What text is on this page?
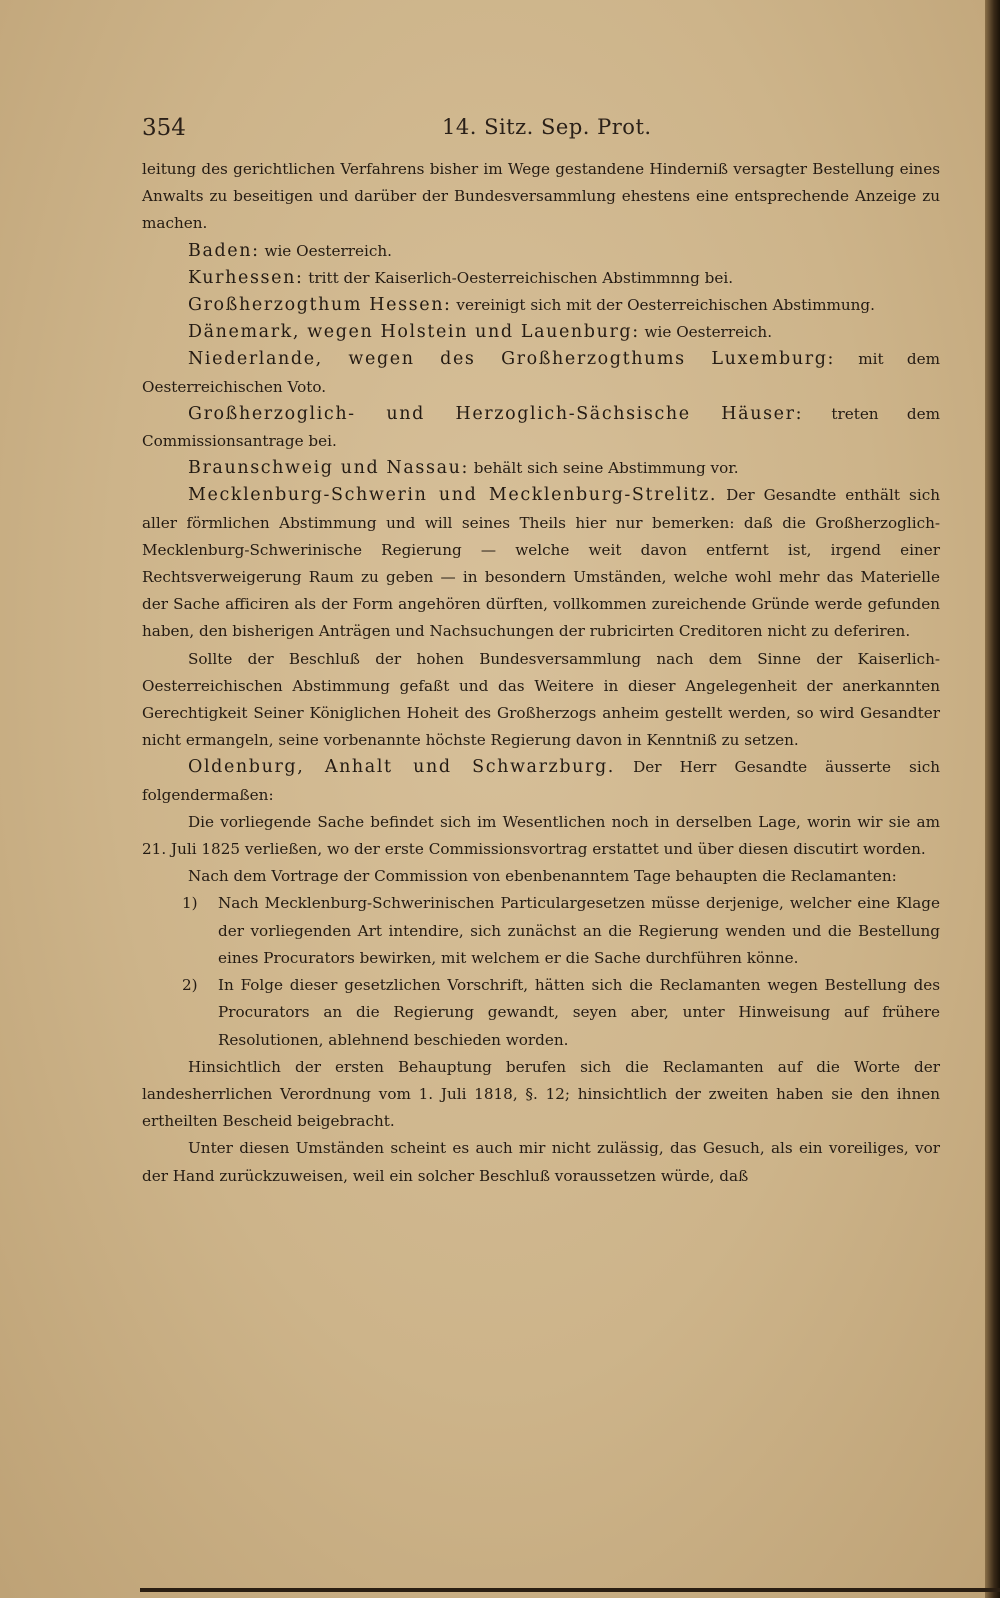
354	14. Sitz. Sep. Prot.

leitung des gerichtlichen Verfahrens bisher im Wege gestandene Hinderniß versagter Bestellung eines Anwalts zu beseitigen und darüber der Bundesversammlung ehestens eine entsprechende Anzeige zu machen.

Baden: wie Oesterreich.

Kurhessen: tritt der Kaiserlich-Oesterreichischen Abstimmnng bei.

Großherzogthum Hessen: vereinigt sich mit der Oesterreichischen Abstimmung.

Dänemark, wegen Holstein und Lauenburg: wie Oesterreich.

Niederlande, wegen des Großherzogthums Luxemburg: mit dem Oesterreichischen Voto.

Großherzoglich- und Herzoglich-Sächsische Häuser: treten dem Commissionsantrage bei.

Braunschweig und Nassau: behält sich seine Abstimmung vor.

Mecklenburg-Schwerin und Mecklenburg-Strelitz. Der Gesandte enthält sich aller förmlichen Abstimmung und will seines Theils hier nur bemerken: daß die Großherzoglich-Mecklenburg-Schwerinische Regierung — welche weit davon entfernt ist, irgend einer Rechtsverweigerung Raum zu geben — in besondern Umständen, welche wohl mehr das Materielle der Sache afficiren als der Form angehören dürften, vollkommen zureichende Gründe werde gefunden haben, den bisherigen Anträgen und Nachsuchungen der rubricirten Creditoren nicht zu deferiren.

Sollte der Beschluß der hohen Bundesversammlung nach dem Sinne der Kaiserlich-Oesterreichischen Abstimmung gefaßt und das Weitere in dieser Angelegenheit der anerkannten Gerechtigkeit Seiner Königlichen Hoheit des Großherzogs anheim gestellt werden, so wird Gesandter nicht ermangeln, seine vorbenannte höchste Regierung davon in Kenntniß zu setzen.

Oldenburg, Anhalt und Schwarzburg. Der Herr Gesandte äusserte sich folgendermaßen:

Die vorliegende Sache befindet sich im Wesentlichen noch in derselben Lage, worin wir sie am 21. Juli 1825 verließen, wo der erste Commissionsvortrag erstattet und über diesen discutirt worden.

Nach dem Vortrage der Commission von ebenbenanntem Tage behaupten die Reclamanten:

1) Nach Mecklenburg-Schwerinischen Particulargesetzen müsse derjenige, welcher eine Klage der vorliegenden Art intendire, sich zunächst an die Regierung wenden und die Bestellung eines Procurators bewirken, mit welchem er die Sache durchführen könne.

2) In Folge dieser gesetzlichen Vorschrift, hätten sich die Reclamanten wegen Bestellung des Procurators an die Regierung gewandt, seyen aber, unter Hinweisung auf frühere Resolutionen, ablehnend beschieden worden.

Hinsichtlich der ersten Behauptung berufen sich die Reclamanten auf die Worte der landesherrlichen Verordnung vom 1. Juli 1818, §. 12; hinsichtlich der zweiten haben sie den ihnen ertheilten Bescheid beigebracht.

Unter diesen Umständen scheint es auch mir nicht zulässig, das Gesuch, als ein voreiliges, vor der Hand zurückzuweisen, weil ein solcher Beschluß voraussetzen würde, daß
